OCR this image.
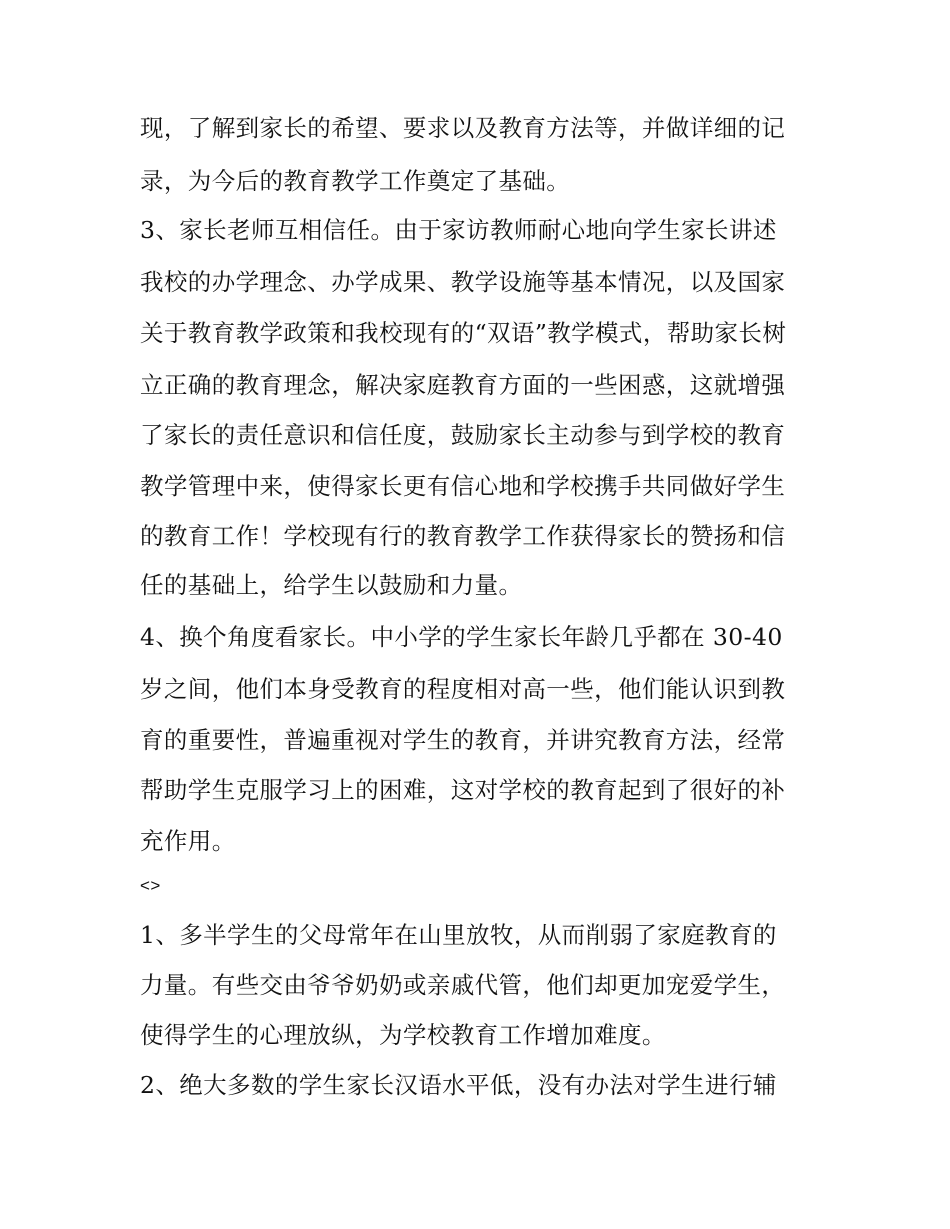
现，了解到家长的希望、要求以及教育方法等，并做详细的记
录，为今后的教育教学工作奠定了基础。
3、家长老师互相信任。由于家访教师耐心地向学生家长讲述
我校的办学理念、办学成果、教学设施等基本情况，以及国家
关于教育教学政策和我校现有的“双语”教学模式，帮助家长树
立正确的教育理念，解决家庭教育方面的一些困惑，这就增强
了家长的责任意识和信任度，鼓励家长主动参与到学校的教育
教学管理中来，使得家长更有信心地和学校携手共同做好学生
的教育工作！学校现有行的教育教学工作获得家长的赞扬和信
任的基础上，给学生以鼓励和力量。
4、换个角度看家长。中小学的学生家长年龄几乎都在 30-40
岁之间，他们本身受教育的程度相对高一些，他们能认识到教
育的重要性，普遍重视对学生的教育，并讲究教育方法，经常
帮助学生克服学习上的困难，这对学校的教育起到了很好的补
充作用。
<>
1、多半学生的父母常年在山里放牧，从而削弱了家庭教育的
力量。有些交由爷爷奶奶或亲戚代管，他们却更加宠爱学生，
使得学生的心理放纵，为学校教育工作增加难度。
2、绝大多数的学生家长汉语水平低，没有办法对学生进行辅
